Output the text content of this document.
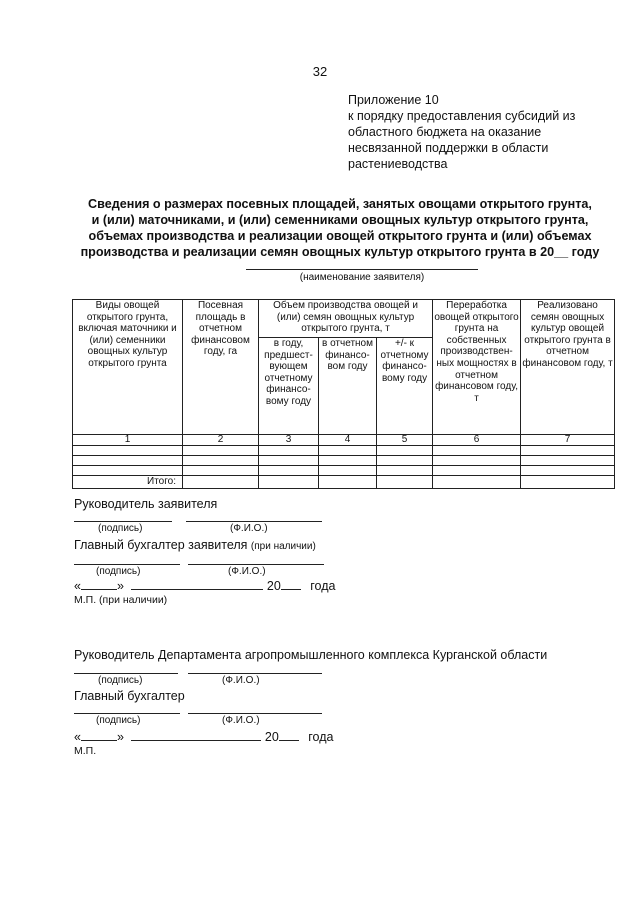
32
Приложение 10
к порядку предоставления субсидий из
областного бюджета на оказание
несвязанной поддержки в области
растениеводства
Сведения о размерах посевных площадей, занятых овощами открытого грунта,
и (или) маточниками, и (или) семенниками овощных культур открытого грунта,
объемах производства и реализации овощей открытого грунта и (или) объемах
производства и реализации семян овощных культур открытого грунта в 20__ году
(наименование заявителя)
Виды овощей открытого грунта, включая маточники и (или) семенники овощных культур открытого грунта	Посевная площадь в отчетном финансовом году, га	Объем производства овощей и (или) семян овощных культур открытого грунта, т			Переработка овощей открытого грунта на собственных производствен-ных мощностях в отчетном финансовом году, т	Реализовано семян овощных культур овощей открытого грунта в отчетном финансовом году, т
		в году, предшест-вующем отчетному финансо-вому году	в отчетном финансо-вом году	+/- к отчетному финансо-вому году		
1	2	3	4	5	6	7

Итого:						
Руководитель заявителя
(подпись)	(Ф.И.О.)
Главный бухгалтер заявителя (при наличии)
(подпись)	(Ф.И.О.)
«	»	20 года
М.П. (при наличии)
Руководитель Департамента агропромышленного комплекса Курганской области
(подпись)	(Ф.И.О.)
Главный бухгалтер
(подпись)	(Ф.И.О.)
«	»	20 года
М.П.
